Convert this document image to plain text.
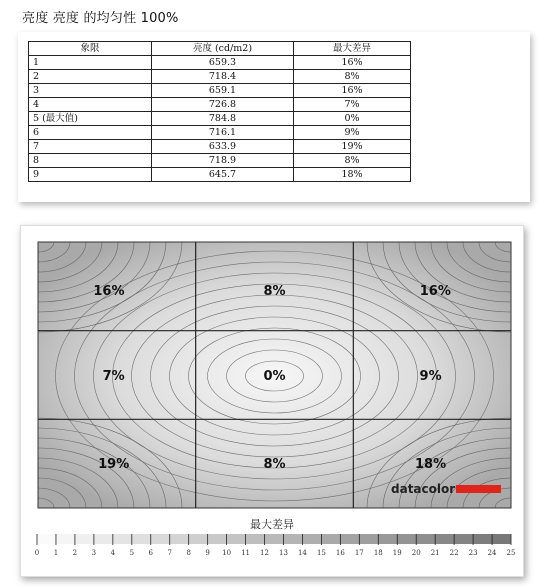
亮度 亮度 的均匀性 100%
象限	亮度 (cd/m2)	最大差异
1	659.3	16%
2	718.4	8%
3	659.1	16%
4	726.8	7%
5 (最大值)	784.8	0%
6	716.1	9%
7	633.9	19%
8	718.9	8%
9	645.7	18%
16%	8%	16%
7%	0%	9%
19%	8%	18%
datacolor
最大差异
0 1 2 3 4 5 6 7 8 9 10 11 12 13 14 15 16 17 18 19 20 21 22 23 24 25
